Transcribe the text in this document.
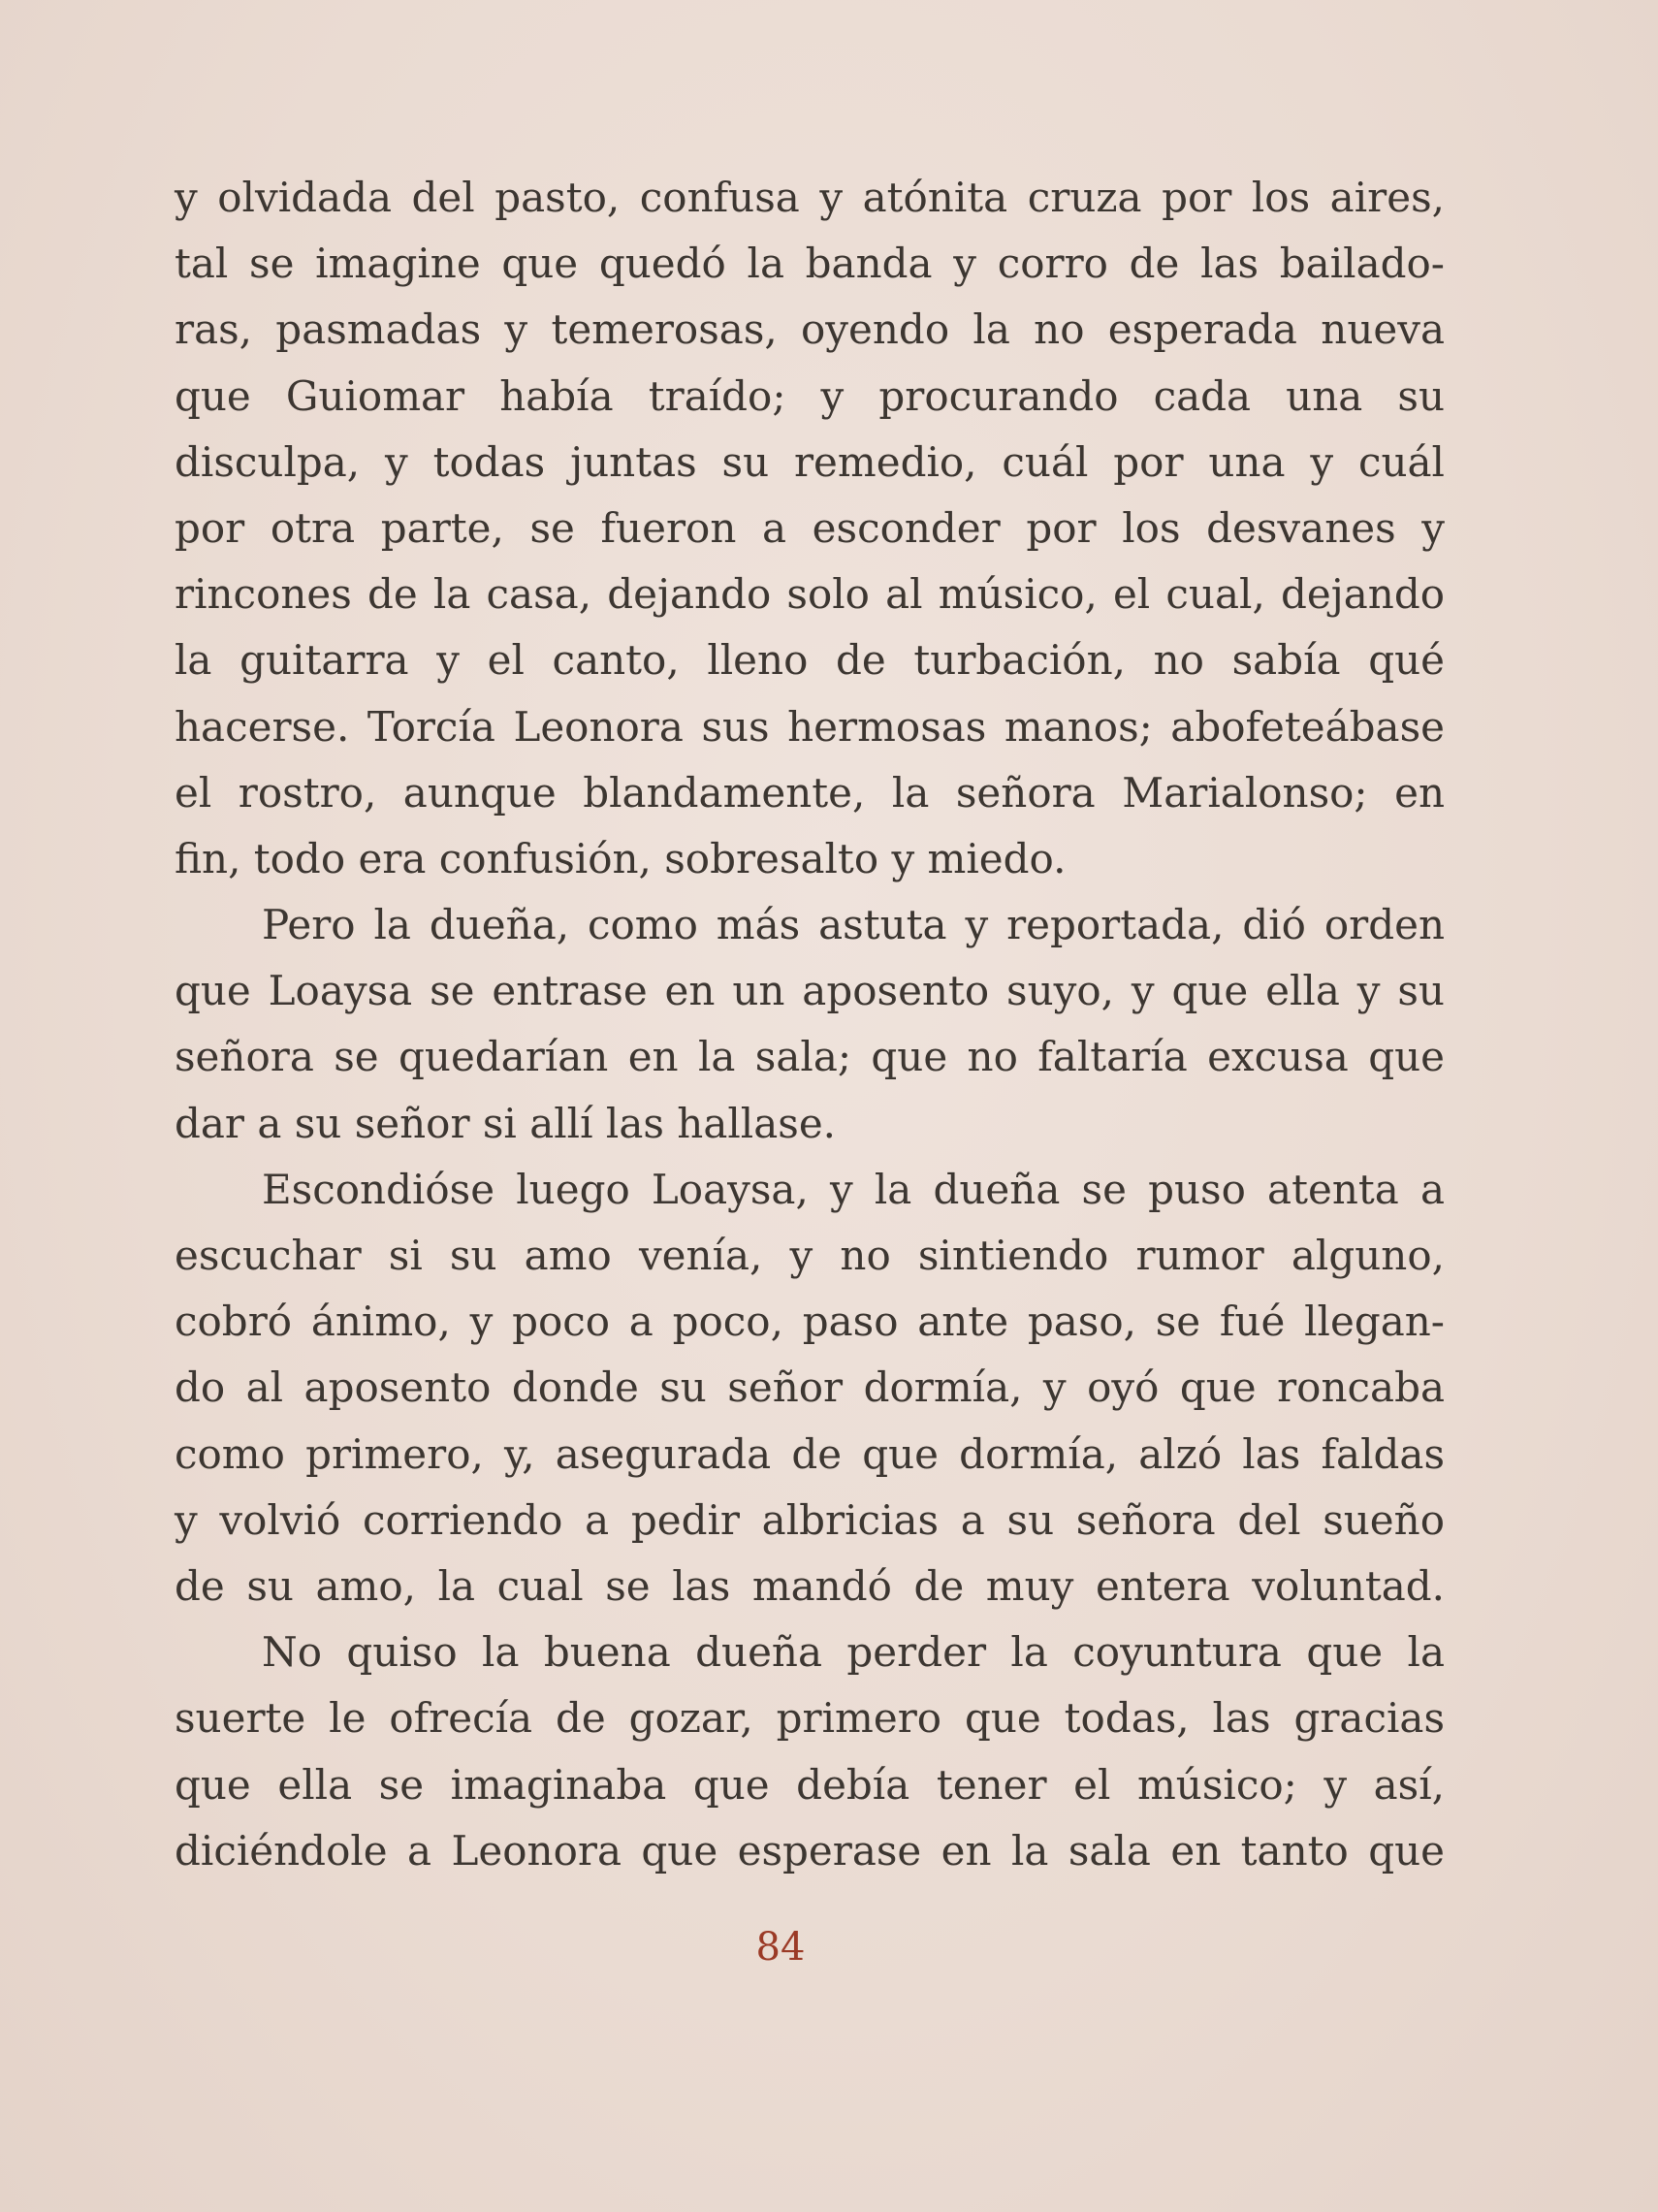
y olvidada del pasto, confusa y atónita cruza por los aires,
tal se imagine que quedó la banda y corro de las bailado-
ras, pasmadas y temerosas, oyendo la no esperada nueva
que Guiomar había traído; y procurando cada una su
disculpa, y todas juntas su remedio, cuál por una y cuál
por otra parte, se fueron a esconder por los desvanes y
rincones de la casa, dejando solo al músico, el cual, dejando
la guitarra y el canto, lleno de turbación, no sabía qué
hacerse. Torcía Leonora sus hermosas manos; abofeteábase
el rostro, aunque blandamente, la señora Marialonso; en
fin, todo era confusión, sobresalto y miedo.
Pero la dueña, como más astuta y reportada, dió orden
que Loaysa se entrase en un aposento suyo, y que ella y su
señora se quedarían en la sala; que no faltaría excusa que
dar a su señor si allí las hallase.
Escondióse luego Loaysa, y la dueña se puso atenta a
escuchar si su amo venía, y no sintiendo rumor alguno,
cobró ánimo, y poco a poco, paso ante paso, se fué llegan-
do al aposento donde su señor dormía, y oyó que roncaba
como primero, y, asegurada de que dormía, alzó las faldas
y volvió corriendo a pedir albricias a su señora del sueño
de su amo, la cual se las mandó de muy entera voluntad.
No quiso la buena dueña perder la coyuntura que la
suerte le ofrecía de gozar, primero que todas, las gracias
que ella se imaginaba que debía tener el músico; y así,
diciéndole a Leonora que esperase en la sala en tanto que
84
